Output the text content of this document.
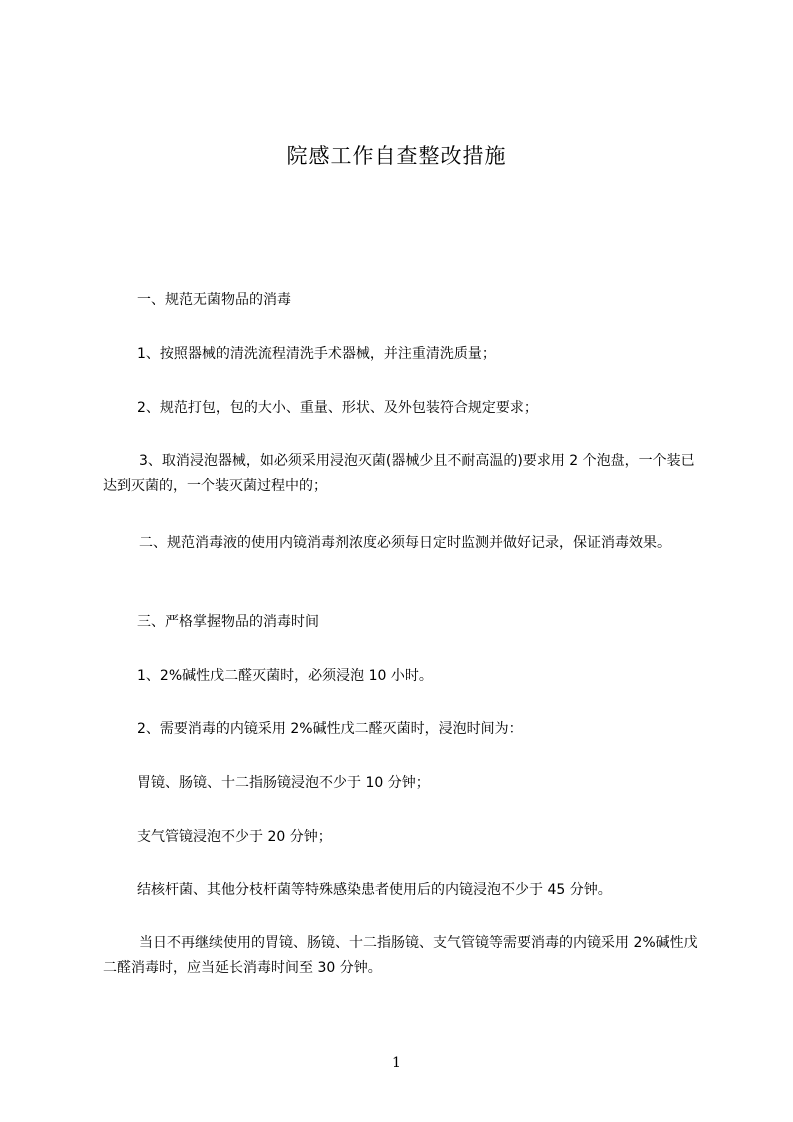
院感工作自查整改措施
一、规范无菌物品的消毒
1、按照器械的清洗流程清洗手术器械，并注重清洗质量；
2、规范打包，包的大小、重量、形状、及外包装符合规定要求；
3、取消浸泡器械，如必须采用浸泡灭菌(器械少且不耐高温的)要求用 2 个泡盘，一个装已达到灭菌的，一个装灭菌过程中的；
二、规范消毒液的使用内镜消毒剂浓度必须每日定时监测并做好记录，保证消毒效果。
三、严格掌握物品的消毒时间
1、2%碱性戊二醛灭菌时，必须浸泡 10 小时。
2、需要消毒的内镜采用 2%碱性戊二醛灭菌时，浸泡时间为：
胃镜、肠镜、十二指肠镜浸泡不少于 10 分钟；
支气管镜浸泡不少于 20 分钟；
结核杆菌、其他分枝杆菌等特殊感染患者使用后的内镜浸泡不少于 45 分钟。
当日不再继续使用的胃镜、肠镜、十二指肠镜、支气管镜等需要消毒的内镜采用 2%碱性戊二醛消毒时，应当延长消毒时间至 30 分钟。
1
